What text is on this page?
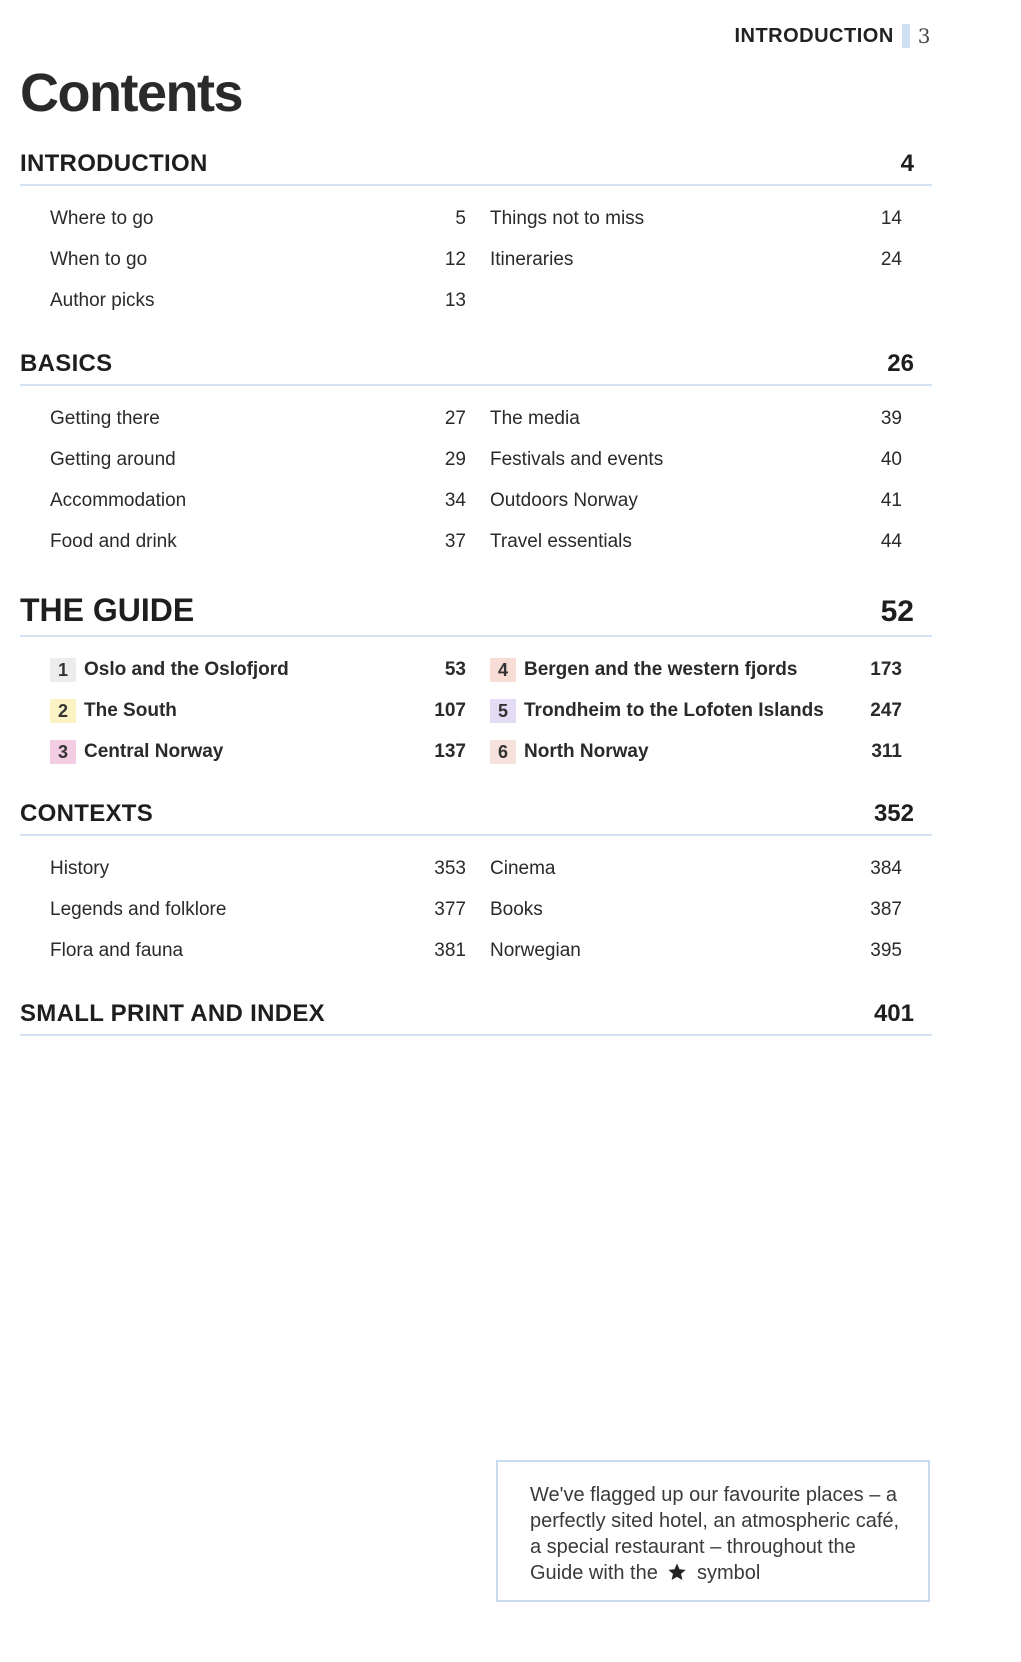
INTRODUCTION 3
Contents
INTRODUCTION	4
Where to go	5
When to go	12
Author picks	13
Things not to miss	14
Itineraries	24
BASICS	26
Getting there	27
Getting around	29
Accommodation	34
Food and drink	37
The media	39
Festivals and events	40
Outdoors Norway	41
Travel essentials	44
THE GUIDE	52
1 Oslo and the Oslofjord	53
2 The South	107
3 Central Norway	137
4 Bergen and the western fjords	173
5 Trondheim to the Lofoten Islands 247
6 North Norway	311
CONTEXTS	352
History	353
Legends and folklore	377
Flora and fauna	381
Cinema	384
Books	387
Norwegian	395
SMALL PRINT AND INDEX	401
We've flagged up our favourite places – a perfectly sited hotel, an atmospheric café, a special restaurant – throughout the Guide with the symbol
